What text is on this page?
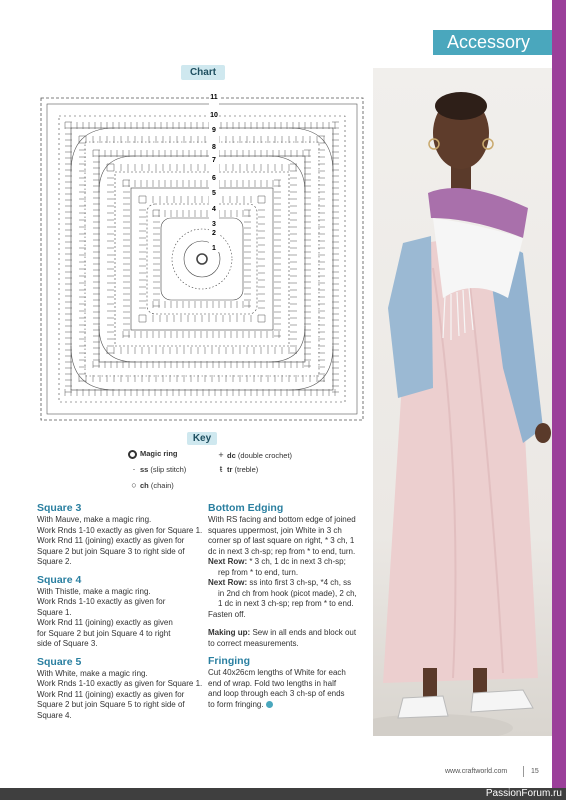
Accessory
Chart
11
10
9
8
7
6
5
4
3
2
1
Key
Magic ring	+ dc (double crochet)
· ss (slip stitch)	ŧ tr (treble)
○ ch (chain)
Square 3

With Mauve, make a magic ring.

Work Rnds 1-10 exactly as given for Square 1.

Work Rnd 11 (joining) exactly as given for

Square 2 but join Square 3 to right side of

Square 2.

Square 4

With Thistle, make a magic ring.

Work Rnds 1-10 exactly as given for

Square 1.

Work Rnd 11 (joining) exactly as given

for Square 2 but join Square 4 to right

side of Square 3.

Square 5

With White, make a magic ring.

Work Rnds 1-10 exactly as given for Square 1.

Work Rnd 11 (joining) exactly as given for

Square 2 but join Square 5 to right side of

Square 4.

Bottom Edging

With RS facing and bottom edge of joined

squares uppermost, join White in 3 ch

corner sp of last square on right, * 3 ch, 1

dc in next 3 ch-sp; rep from * to end, turn.

Next Row: * 3 ch, 1 dc in next 3 ch-sp;

rep from * to end, turn.

Next Row: ss into first 3 ch-sp, *4 ch, ss

in 2nd ch from hook (picot made), 2 ch,

1 dc in next 3 ch-sp; rep from * to end.

Fasten off.

Making up: Sew in all ends and block out

to correct measurements.

Fringing

Cut 40x26cm lengths of White for each

end of wrap. Fold two lengths in half

and loop through each 3 ch-sp of ends

to form fringing.

www.craftworld.com	15
PassionForum.ru
